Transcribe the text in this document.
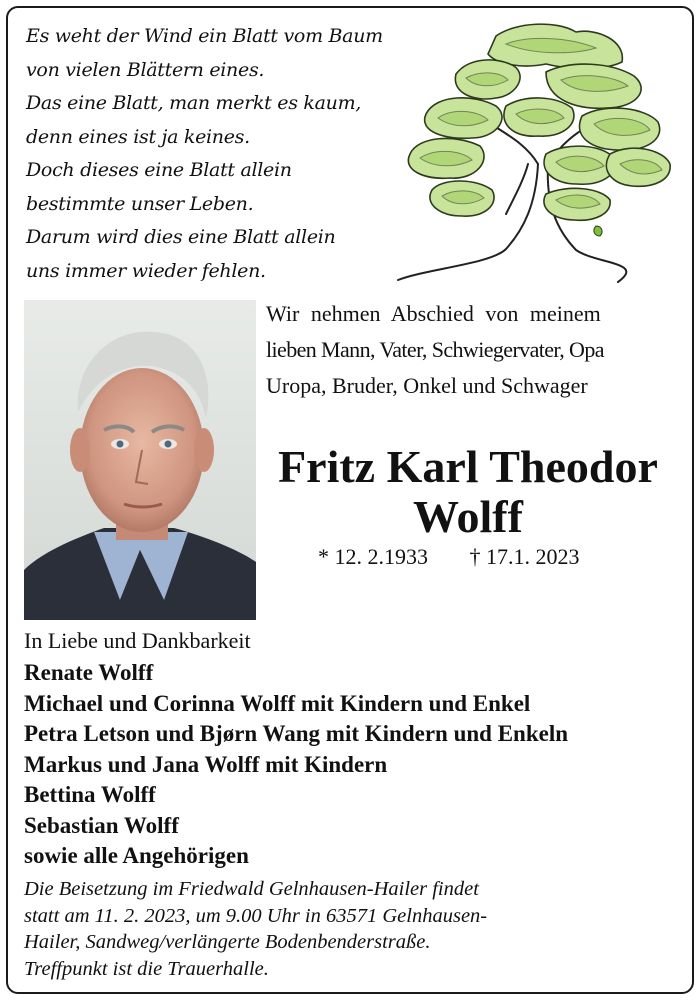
Es weht der Wind ein Blatt vom Baum
von vielen Blättern eines.
Das eine Blatt, man merkt es kaum,
denn eines ist ja keines.
Doch dieses eine Blatt allein
bestimmte unser Leben.
Darum wird dies eine Blatt allein
uns immer wieder fehlen.
Wir nehmen Abschied von meinem
lieben Mann, Vater, Schwiegervater, Opa
Uropa, Bruder, Onkel und Schwager
Fritz Karl Theodor
Wolff
* 12. 2.1933 † 17.1. 2023
In Liebe und Dankbarkeit
Renate Wolff
Michael und Corinna Wolff mit Kindern und Enkel
Petra Letson und Bjørn Wang mit Kindern und Enkeln
Markus und Jana Wolff mit Kindern
Bettina Wolff
Sebastian Wolff
sowie alle Angehörigen
Die Beisetzung im Friedwald Gelnhausen-Hailer findet
statt am 11. 2. 2023, um 9.00 Uhr in 63571 Gelnhausen-
Hailer, Sandweg/verlängerte Bodenbenderstraße.
Treffpunkt ist die Trauerhalle.
